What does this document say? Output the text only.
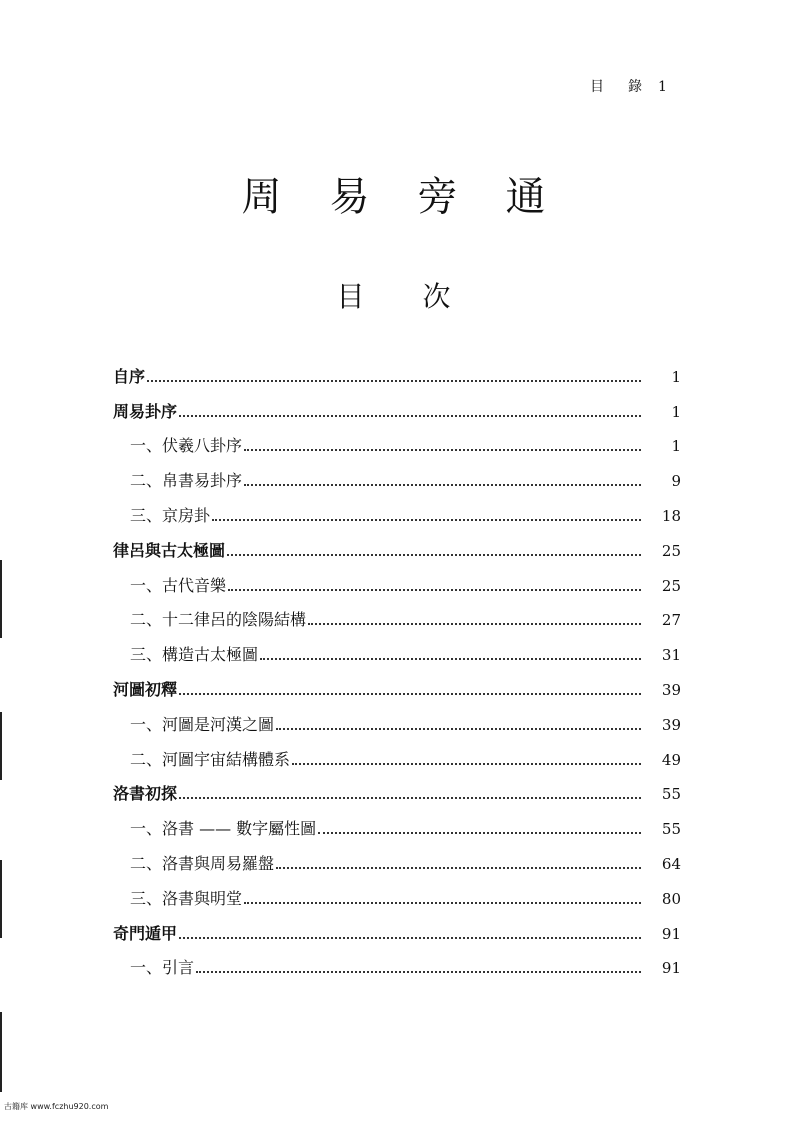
目 錄 1
周易旁通
目次
自序	1
周易卦序	1
一、伏羲八卦序	1
二、帛書易卦序	9
三、京房卦	18
律呂與古太極圖	25
一、古代音樂	25
二、十二律呂的陰陽結構	27
三、構造古太極圖	31
河圖初釋	39
一、河圖是河漢之圖	39
二、河圖宇宙結構體系	49
洛書初探	55
一、洛書 —— 數字屬性圖	55
二、洛書與周易羅盤	64
三、洛書與明堂	80
奇門遁甲	91
一、引言	91
古籍库 www.fczhu920.com
